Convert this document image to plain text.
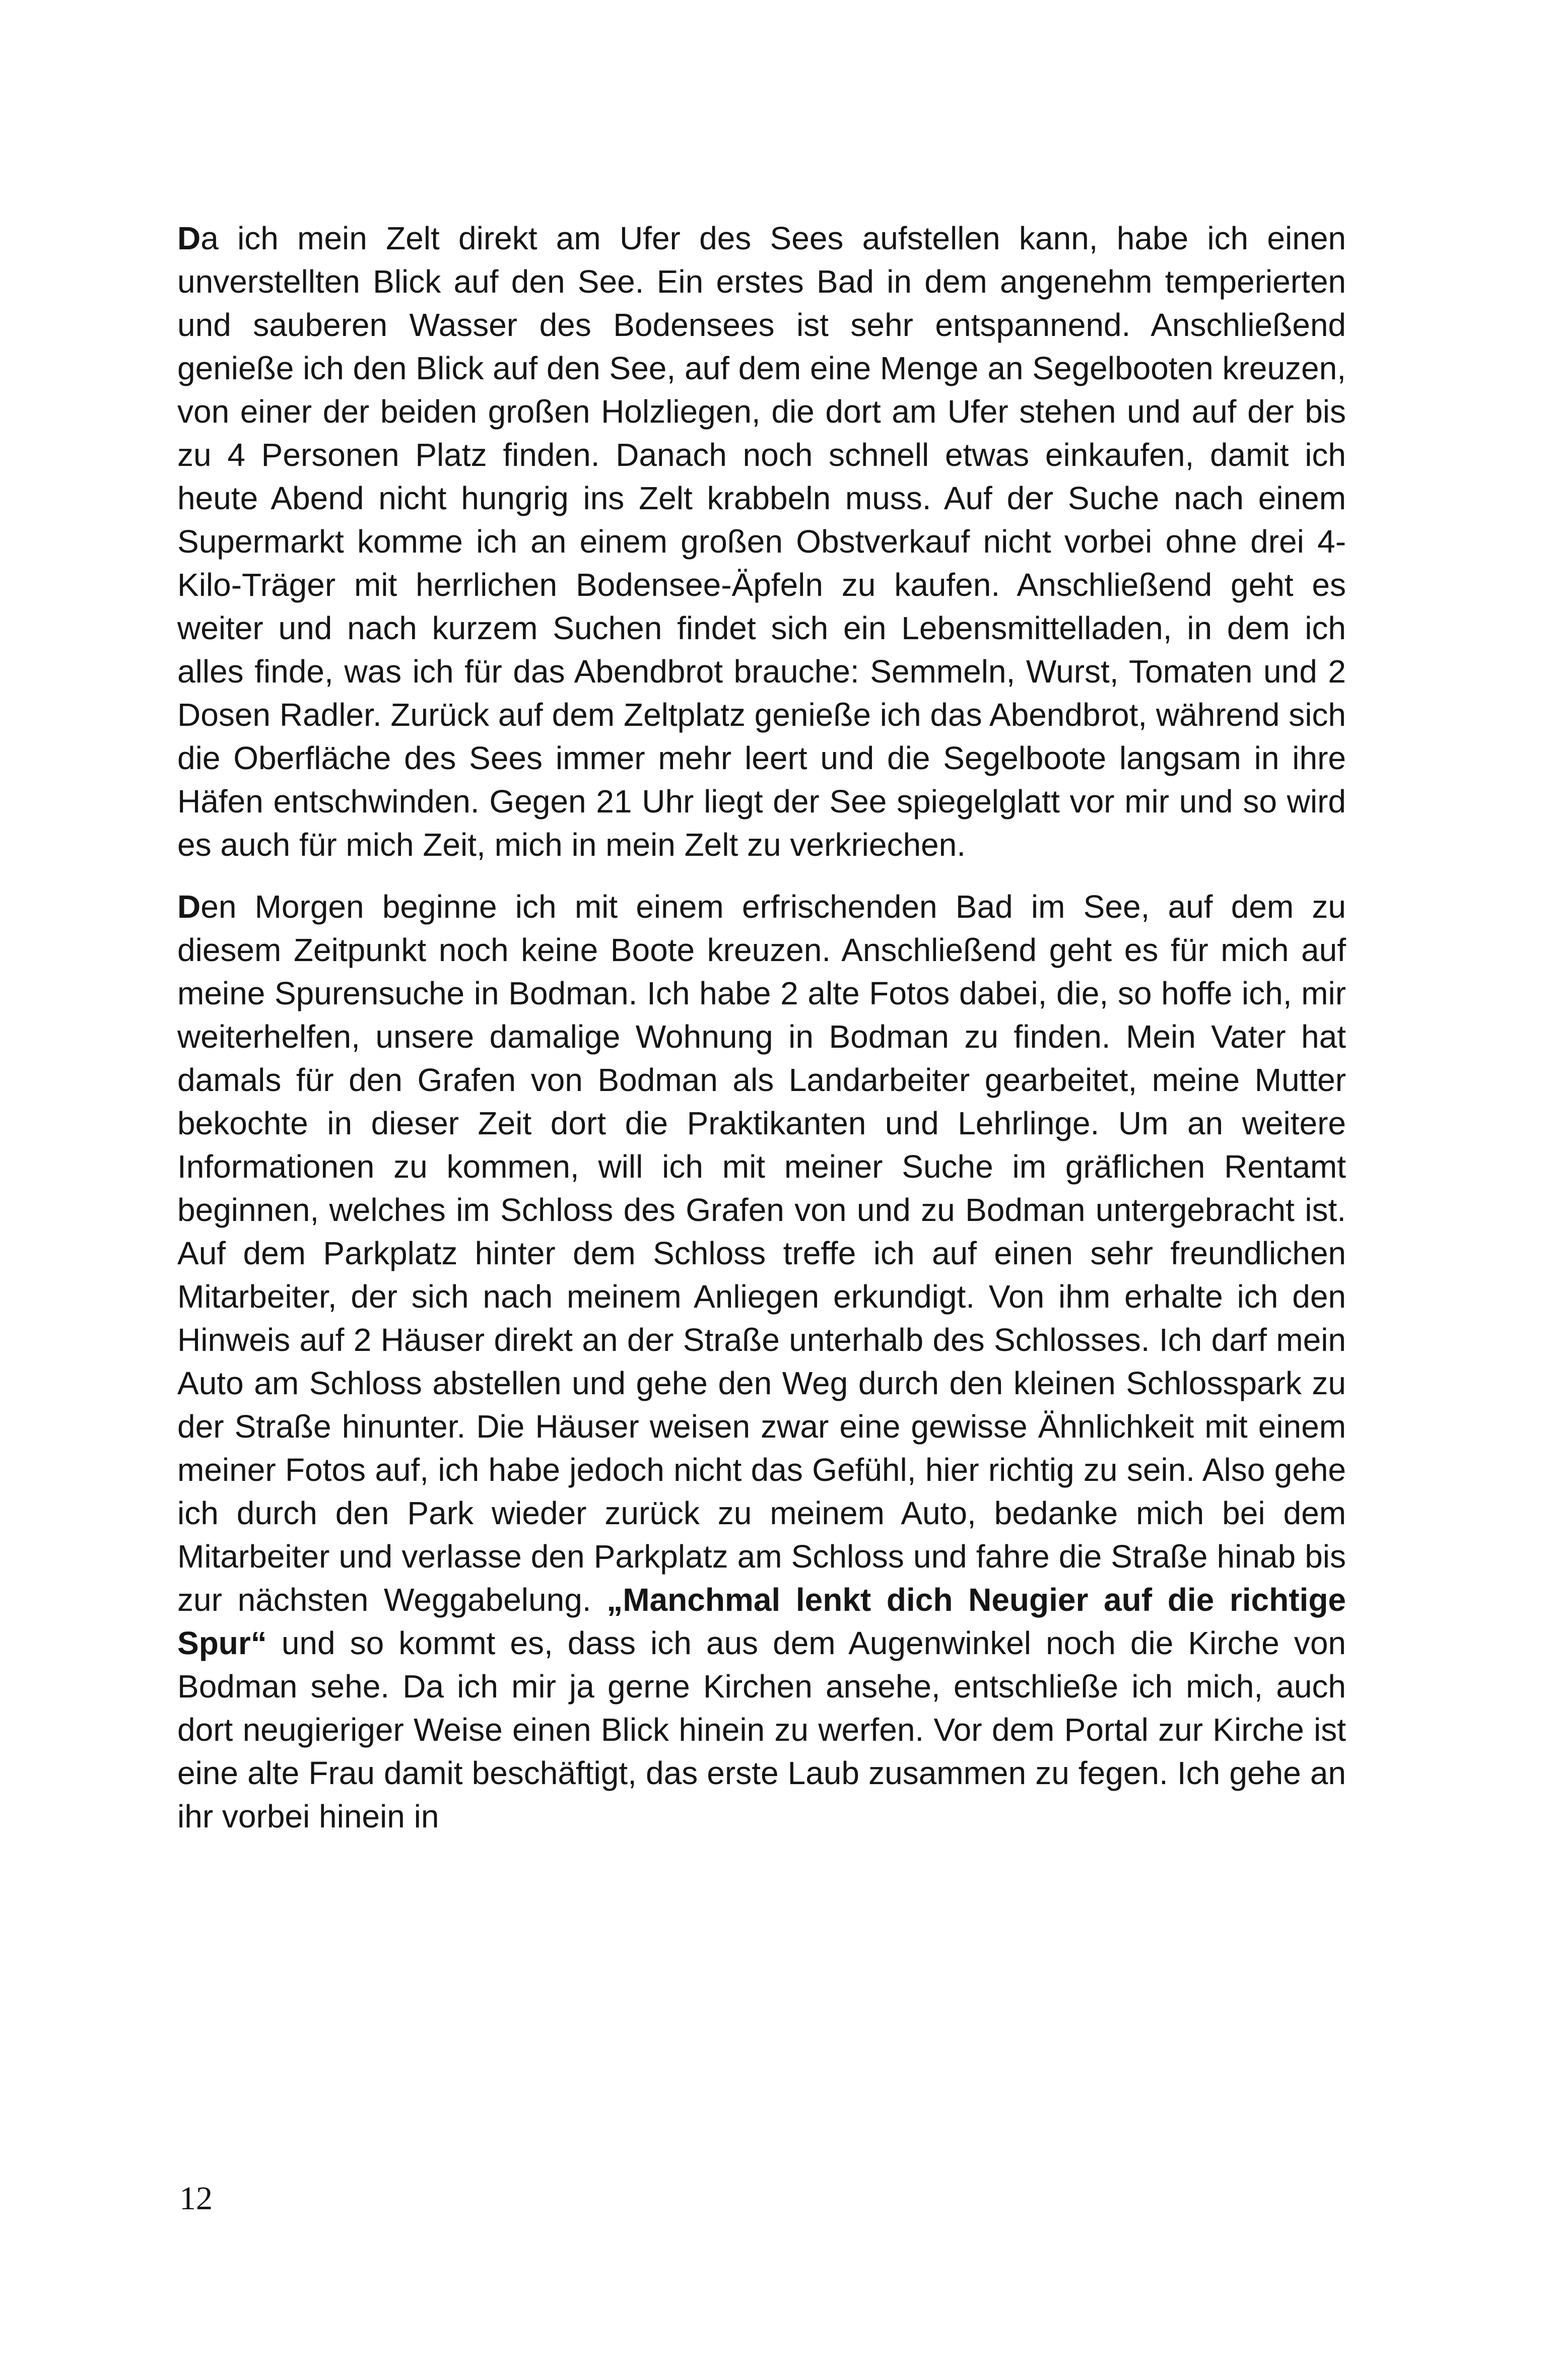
Da ich mein Zelt direkt am Ufer des Sees aufstellen kann, habe ich einen unverstellten Blick auf den See. Ein erstes Bad in dem angenehm temperierten und sauberen Wasser des Bodensees ist sehr entspannend. Anschließend genieße ich den Blick auf den See, auf dem eine Menge an Segelbooten kreuzen, von einer der beiden großen Holzliegen, die dort am Ufer stehen und auf der bis zu 4 Personen Platz finden. Danach noch schnell etwas einkaufen, damit ich heute Abend nicht hungrig ins Zelt krabbeln muss. Auf der Suche nach einem Supermarkt komme ich an einem großen Obstverkauf nicht vorbei ohne drei 4-Kilo-Träger mit herrlichen Bodensee-Äpfeln zu kaufen. Anschließend geht es weiter und nach kurzem Suchen findet sich ein Lebensmittelladen, in dem ich alles finde, was ich für das Abendbrot brauche: Semmeln, Wurst, Tomaten und 2 Dosen Radler. Zurück auf dem Zeltplatz genieße ich das Abendbrot, während sich die Oberfläche des Sees immer mehr leert und die Segelboote langsam in ihre Häfen entschwinden. Gegen 21 Uhr liegt der See spiegelglatt vor mir und so wird es auch für mich Zeit, mich in mein Zelt zu verkriechen.

Den Morgen beginne ich mit einem erfrischenden Bad im See, auf dem zu diesem Zeitpunkt noch keine Boote kreuzen. Anschließend geht es für mich auf meine Spurensuche in Bodman. Ich habe 2 alte Fotos dabei, die, so hoffe ich, mir weiterhelfen, unsere damalige Wohnung in Bodman zu finden. Mein Vater hat damals für den Grafen von Bodman als Landarbeiter gearbeitet, meine Mutter bekochte in dieser Zeit dort die Praktikanten und Lehrlinge. Um an weitere Informationen zu kommen, will ich mit meiner Suche im gräflichen Rentamt beginnen, welches im Schloss des Grafen von und zu Bodman untergebracht ist. Auf dem Parkplatz hinter dem Schloss treffe ich auf einen sehr freundlichen Mitarbeiter, der sich nach meinem Anliegen erkundigt. Von ihm erhalte ich den Hinweis auf 2 Häuser direkt an der Straße unterhalb des Schlosses. Ich darf mein Auto am Schloss abstellen und gehe den Weg durch den kleinen Schlosspark zu der Straße hinunter. Die Häuser weisen zwar eine gewisse Ähnlichkeit mit einem meiner Fotos auf, ich habe jedoch nicht das Gefühl, hier richtig zu sein. Also gehe ich durch den Park wieder zurück zu meinem Auto, bedanke mich bei dem Mitarbeiter und verlasse den Parkplatz am Schloss und fahre die Straße hinab bis zur nächsten Weggabelung. „Manchmal lenkt dich Neugier auf die richtige Spur“ und so kommt es, dass ich aus dem Augenwinkel noch die Kirche von Bodman sehe. Da ich mir ja gerne Kirchen ansehe, entschließe ich mich, auch dort neugieriger Weise einen Blick hinein zu werfen. Vor dem Portal zur Kirche ist eine alte Frau damit beschäftigt, das erste Laub zusammen zu fegen. Ich gehe an ihr vorbei hinein in

12
